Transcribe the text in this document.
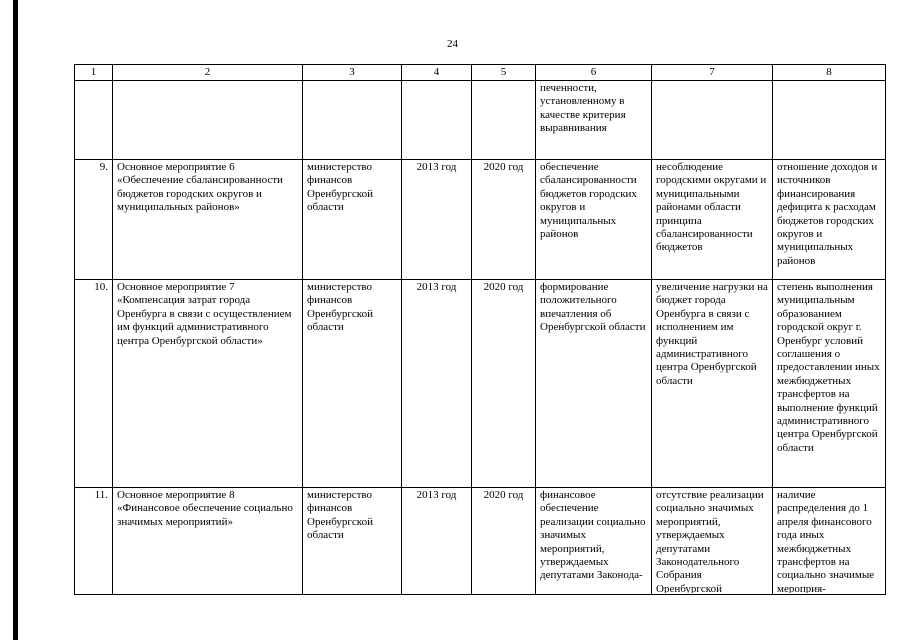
24
1	2	3	4	5	6	7	8
					печенности, установленному в качестве критерия выравнивания		
9.	Основное мероприятие 6 «Обеспечение сбалансированности бюджетов городских округов и муниципальных районов»	министерство финансов Оренбургской области	2013 год	2020 год	обеспечение сбалансированности бюджетов городских округов и муниципальных районов	несоблюдение городскими округами и муниципальными районами области принципа сбалансированности бюджетов	отношение доходов и источников финансирования дефицита к расходам бюджетов городских округов и муниципальных районов
10.	Основное мероприятие 7 «Компенсация затрат города Оренбурга в связи с осуществлением им функций административного центра Оренбургской области»	министерство финансов Оренбургской области	2013 год	2020 год	формирование положительного впечатления об Оренбургской области	увеличение нагрузки на бюджет города Оренбурга в связи с исполнением им функций административного центра Оренбургской области	степень выполнения муниципальным образованием городской округ г. Оренбург условий соглашения о предоставлении иных межбюджетных трансфертов на выполнение функций административного центра Оренбургской области

11.	Основное мероприятие 8 «Финансовое обеспечение социально значимых мероприятий»	министерство финансов Оренбургской области	2013 год	2020 год	финансовое обеспечение реализации социально значимых мероприятий, утверждаемых депутатами Законода-	отсутствие реализации социально значимых мероприятий, утверждаемых депутатами Законодательного Собрания Оренбургской	наличие распределения до 1 апреля финансового года иных межбюджетных трансфертов на социально значимые мероприя-
